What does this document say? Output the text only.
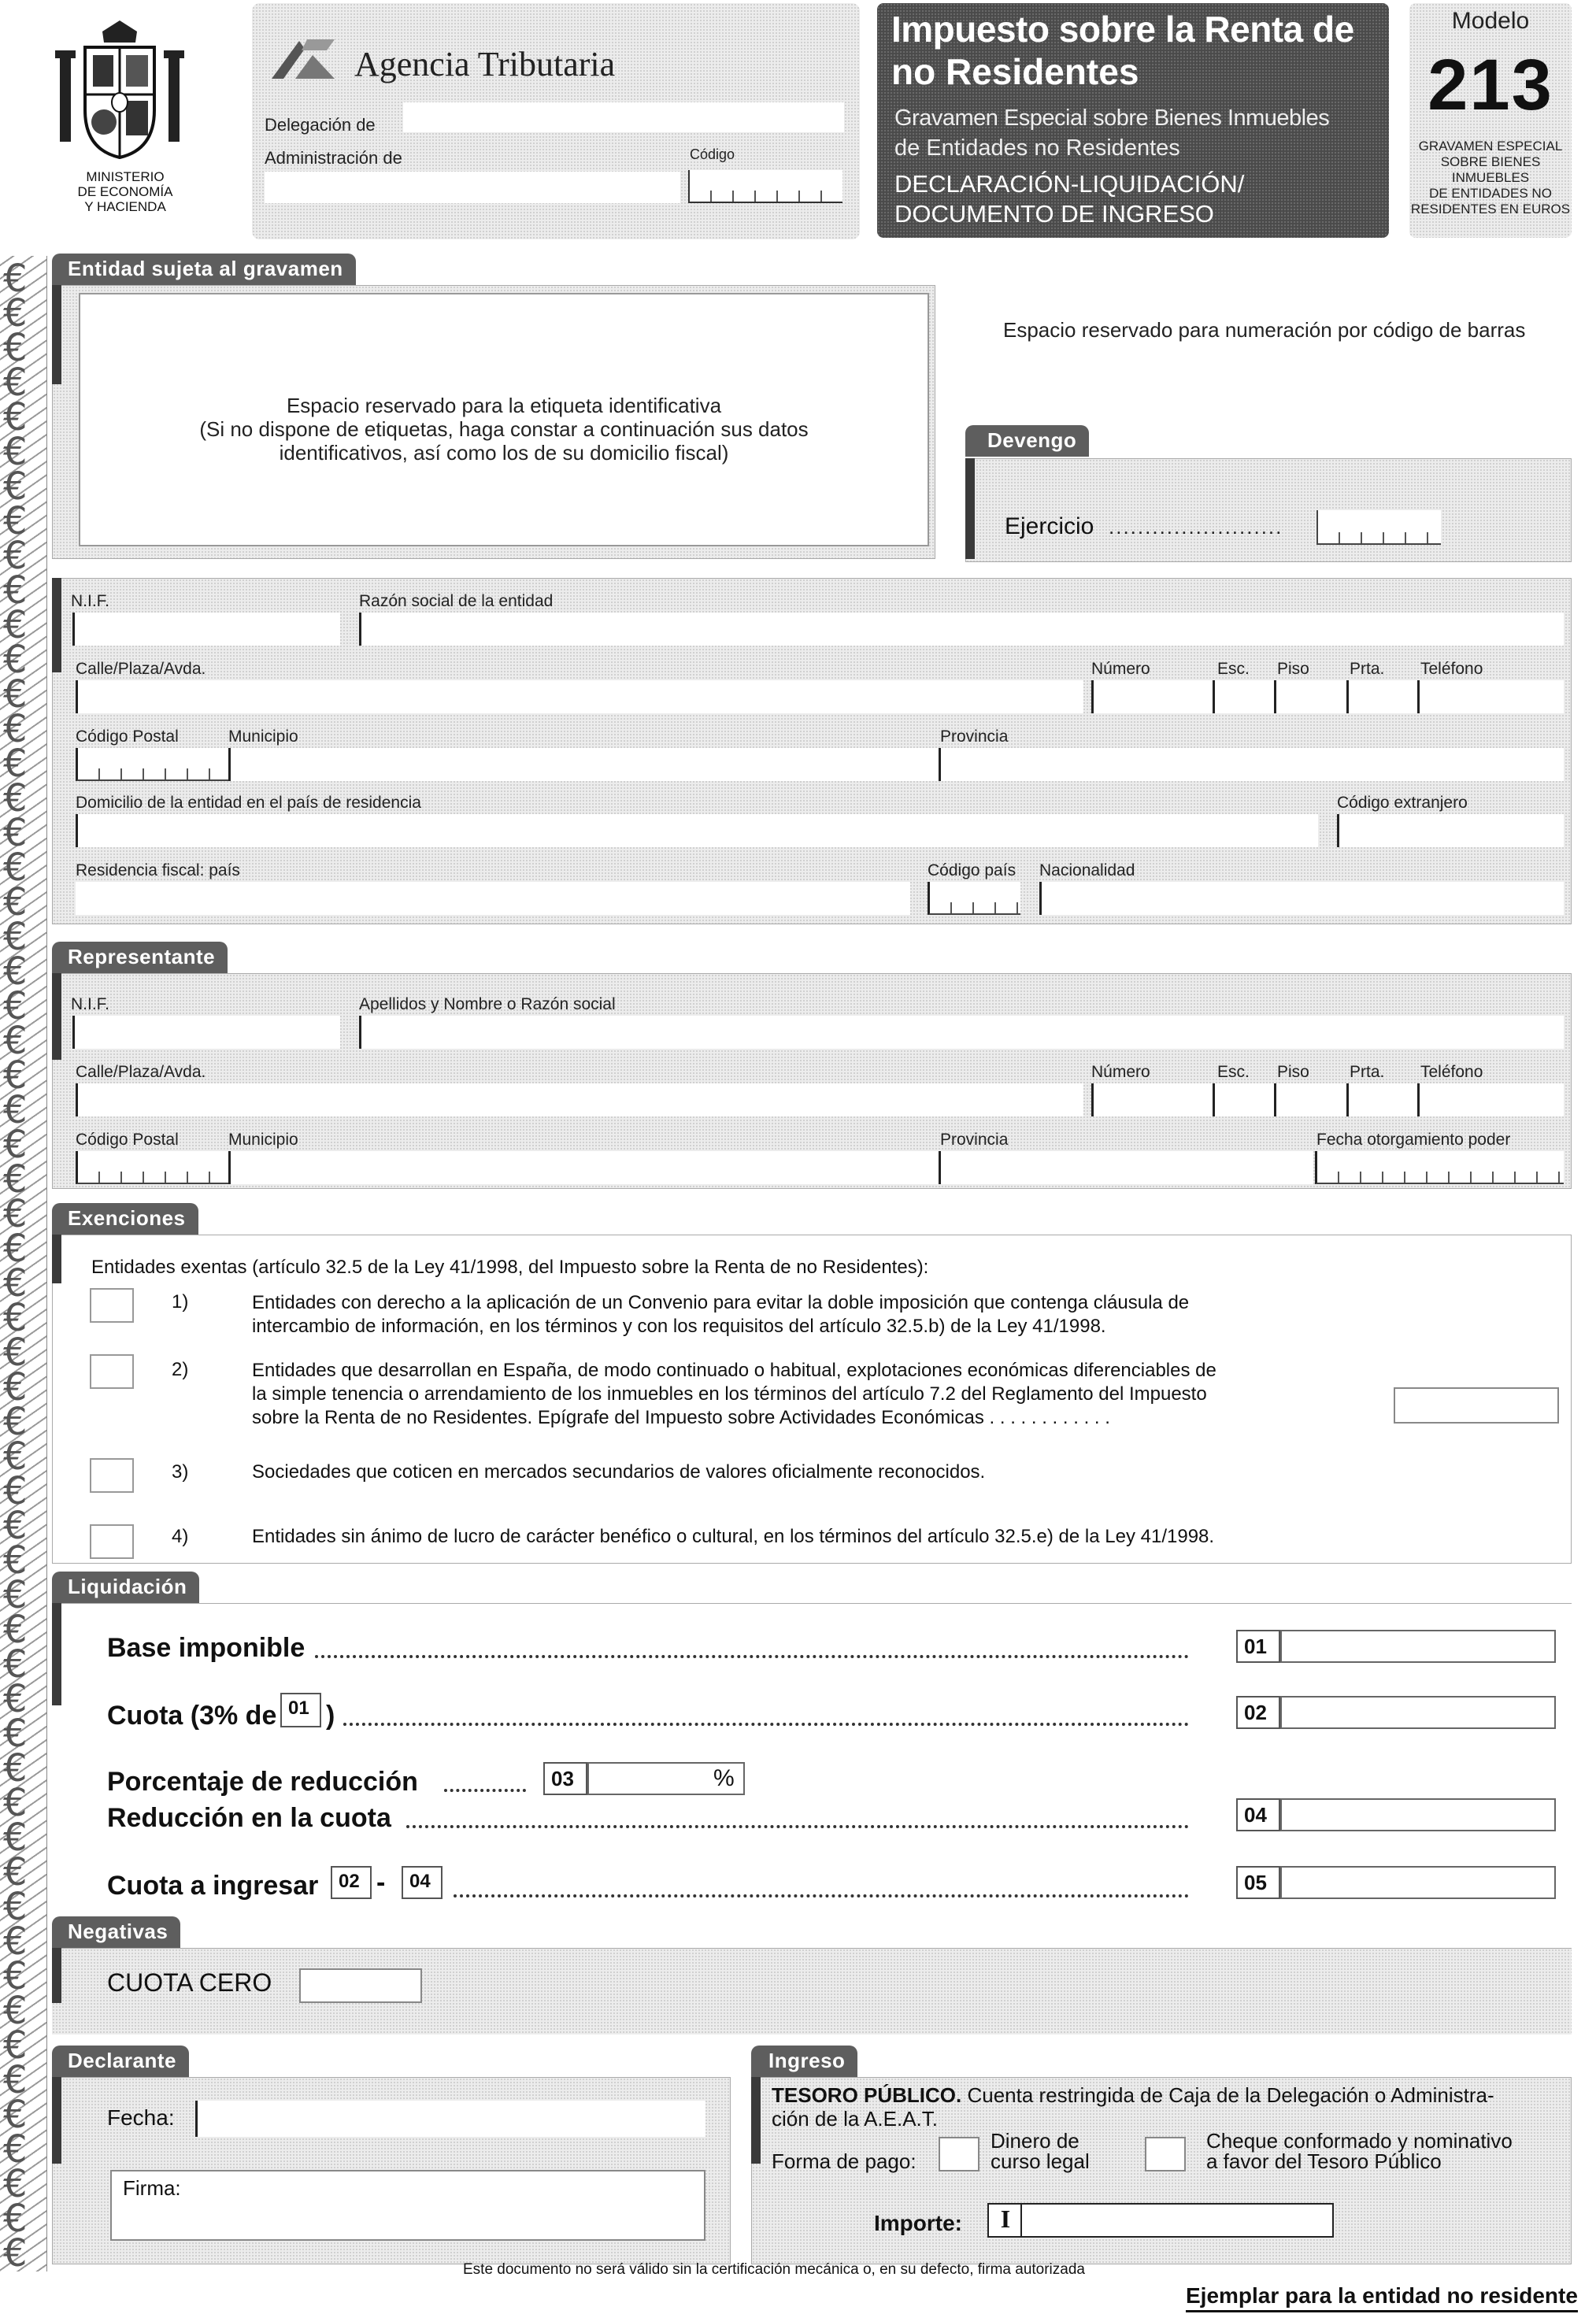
€
€
€
€
€
€
€
€
€
€
€
€
€
€
€
€
€
€
€
€
€
€
€
€
€
€
€
€
€
€
€
€
€
€
€
€
€
€
€
€
€
€
€
€
€
€
€
€
€
€
€
€
€
€
€
€
€
€
MINISTERIO
DE ECONOMÍA
Y HACIENDA
Agencia Tributaria
Delegación de
Administración de	Código
Impuesto sobre la Renta de
no Residentes
Gravamen Especial sobre Bienes Inmuebles
de Entidades no Residentes
DECLARACIÓN-LIQUIDACIÓN/
DOCUMENTO DE INGRESO
Modelo
213
GRAVAMEN ESPECIAL
SOBRE BIENES
INMUEBLES
DE ENTIDADES NO
RESIDENTES EN EUROS
Entidad sujeta al gravamen
Espacio reservado para la etiqueta identificativa
(Si no dispone de etiquetas, haga constar a continuación sus datos
identificativos, así como los de su domicilio fiscal)
Espacio reservado para numeración por código de barras
Devengo
Ejercicio ........................
N.I.F.	Razón social de la entidad
Calle/Plaza/Avda.	Número	Esc. Piso Prta. Teléfono
Código Postal	Municipio	Provincia
Domicilio de la entidad en el país de residencia	Código extranjero
Residencia fiscal: país	Código país Nacionalidad
Representante
N.I.F.	Apellidos y Nombre o Razón social
Calle/Plaza/Avda.	Número	Esc. Piso Prta. Teléfono
Código Postal	Municipio	Provincia	Fecha otorgamiento poder
Exenciones
Entidades exentas (artículo 32.5 de la Ley 41/1998, del Impuesto sobre la Renta de no Residentes):
1)	Entidades con derecho a la aplicación de un Convenio para evitar la doble imposición que contenga cláusula de
intercambio de información, en los términos y con los requisitos del artículo 32.5.b) de la Ley 41/1998.
2)	Entidades que desarrollan en España, de modo continuado o habitual, explotaciones económicas diferenciables de
la simple tenencia o arrendamiento de los inmuebles en los términos del artículo 7.2 del Reglamento del Impuesto
sobre la Renta de no Residentes. Epígrafe del Impuesto sobre Actividades Económicas . . . . . . . . . . . .
3)	Sociedades que coticen en mercados secundarios de valores oficialmente reconocidos.
4)	Entidades sin ánimo de lucro de carácter benéfico o cultural, en los términos del artículo 32.5.e) de la Ley 41/1998.
Liquidación
Base imponible	01
Cuota (3% de 01 )	02
Porcentaje de reducción	03	%
Reducción en la cuota	04
Cuota a ingresar	02 -	04	05
Negativas
CUOTA CERO
Declarante
Fecha:
Firma:
Ingreso
TESORO PÚBLICO. Cuenta restringida de Caja de la Delegación o Administra-
ción de la A.E.A.T.
Forma de pago:
Dinero de
curso legal
Cheque conformado y nominativo
a favor del Tesoro Público
Importe:	I
Este documento no será válido sin la certificación mecánica o, en su defecto, firma autorizada
Ejemplar para la entidad no residente
